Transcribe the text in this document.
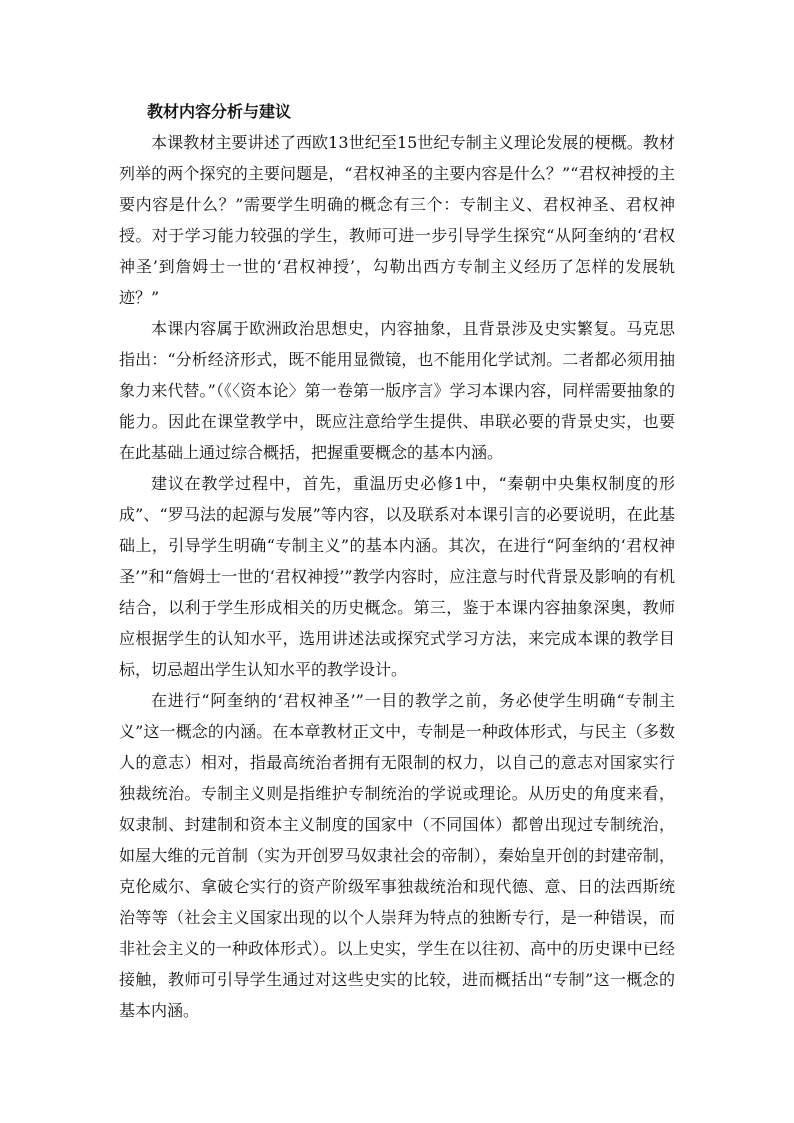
教材内容分析与建议

本课教材主要讲述了西欧13世纪至15世纪专制主义理论发展的梗概。教材列举的两个探究的主要问题是，“君权神圣的主要内容是什么？”“君权神授的主要内容是什么？”需要学生明确的概念有三个：专制主义、君权神圣、君权神授。对于学习能力较强的学生，教师可进一步引导学生探究“从阿奎纳的‘君权神圣’到詹姆士一世的‘君权神授’，勾勒出西方专制主义经历了怎样的发展轨迹？”

本课内容属于欧洲政治思想史，内容抽象，且背景涉及史实繁复。马克思指出：“分析经济形式，既不能用显微镜，也不能用化学试剂。二者都必须用抽象力来代替。”（《〈资本论〉第一卷第一版序言》学习本课内容，同样需要抽象的能力。因此在课堂教学中，既应注意给学生提供、串联必要的背景史实，也要在此基础上通过综合概括，把握重要概念的基本内涵。

建议在教学过程中，首先，重温历史必修1中，“秦朝中央集权制度的形成”、“罗马法的起源与发展”等内容，以及联系对本课引言的必要说明，在此基础上，引导学生明确“专制主义”的基本内涵。其次，在进行“阿奎纳的‘君权神圣’”和“詹姆士一世的‘君权神授’”教学内容时，应注意与时代背景及影响的有机结合，以利于学生形成相关的历史概念。第三，鉴于本课内容抽象深奥，教师应根据学生的认知水平，选用讲述法或探究式学习方法，来完成本课的教学目标，切忌超出学生认知水平的教学设计。

在进行“阿奎纳的‘君权神圣’”一目的教学之前，务必使学生明确“专制主义”这一概念的内涵。在本章教材正文中，专制是一种政体形式，与民主（多数人的意志）相对，指最高统治者拥有无限制的权力，以自己的意志对国家实行独裁统治。专制主义则是指维护专制统治的学说或理论。从历史的角度来看，奴隶制、封建制和资本主义制度的国家中（不同国体）都曾出现过专制统治，如屋大维的元首制（实为开创罗马奴隶社会的帝制），秦始皇开创的封建帝制，克伦威尔、拿破仑实行的资产阶级军事独裁统治和现代德、意、日的法西斯统治等等（社会主义国家出现的以个人崇拜为特点的独断专行，是一种错误，而非社会主义的一种政体形式）。以上史实，学生在以往初、高中的历史课中已经接触，教师可引导学生通过对这些史实的比较，进而概括出“专制”这一概念的基本内涵。
